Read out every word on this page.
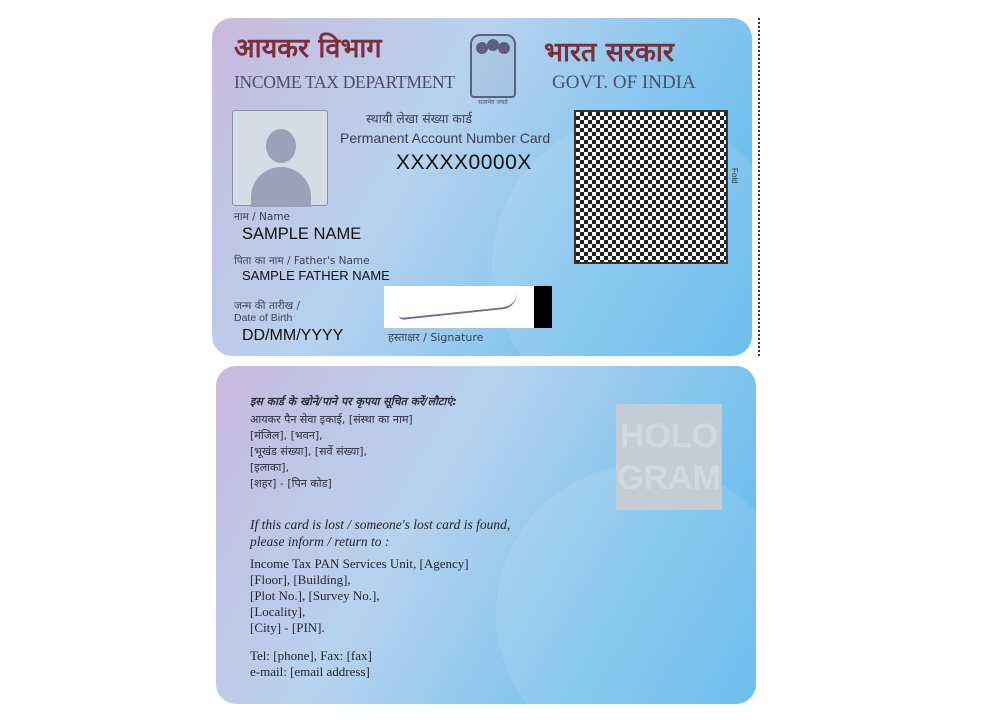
आयकर विभाग

INCOME TAX DEPARTMENT

सत्यमेव जयते

भारत सरकार

GOVT. OF INDIA

स्थायी लेखा संख्या कार्ड

Permanent Account Number Card

XXXXX0000X

नाम / Name

SAMPLE NAME

पिता का नाम / Father's Name

SAMPLE FATHER NAME

जन्म की तारीख /

Date of Birth

DD/MM/YYYY	हस्ताक्षर / Signature

Fold

इस कार्ड के खोने/पाने पर कृपया सूचित करें/लौटाएं:

आयकर पैन सेवा इकाई, [संस्था का नाम]
[मंजिल], [भवन],
[भूखंड संख्या], [सर्वे संख्या],
[इलाका],
[शहर] - [पिन कोड]

If this card is lost / someone's lost card is found,
please inform / return to :

Income Tax PAN Services Unit, [Agency]
[Floor], [Building],
[Plot No.], [Survey No.],
[Locality],
[City] - [PIN].

Tel: [phone], Fax: [fax]
e-mail: [email address]

HOLO
GRAM
